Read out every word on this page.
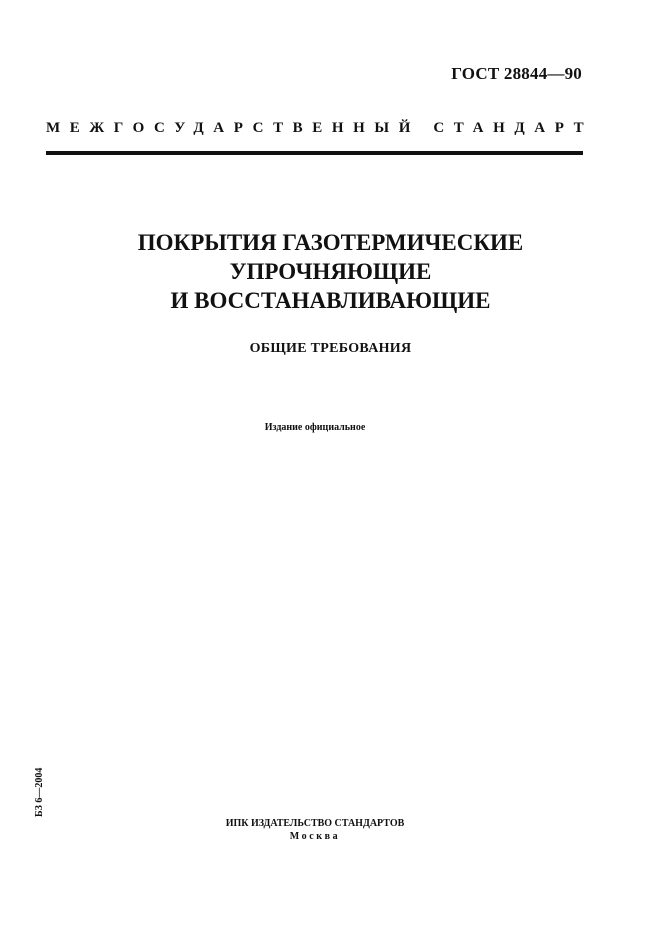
ГОСТ 28844—90
МЕЖГОСУДАРСТВЕННЫЙ СТАНДАРТ
ПОКРЫТИЯ ГАЗОТЕРМИЧЕСКИЕ
УПРОЧНЯЮЩИЕ
И ВОССТАНАВЛИВАЮЩИЕ
ОБЩИЕ ТРЕБОВАНИЯ
Издание официальное
БЗ 6—2004
ИПК ИЗДАТЕЛЬСТВО СТАНДАРТОВ
Москва
